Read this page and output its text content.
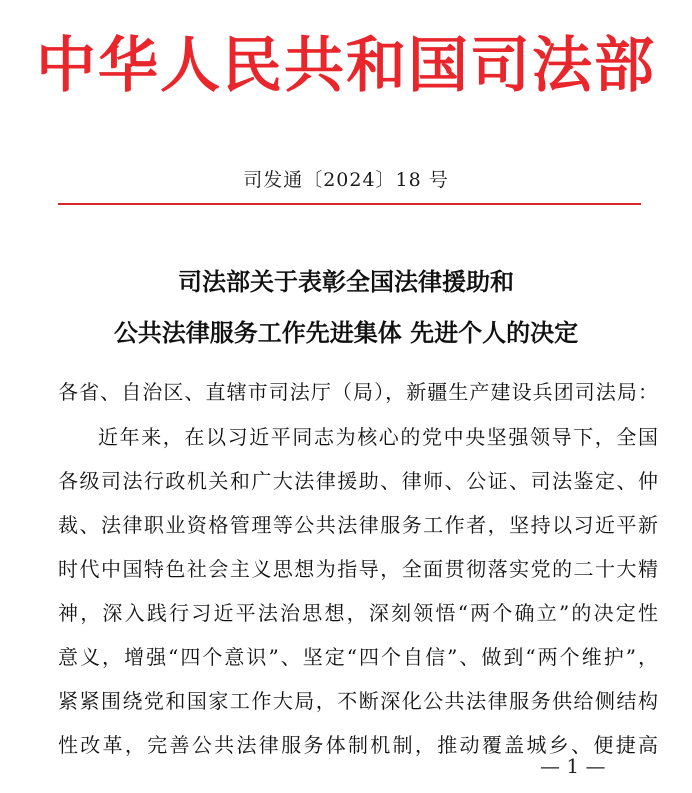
中华人民共和国司法部
司发通〔2024〕18 号
司法部关于表彰全国法律援助和
公共法律服务工作先进集体 先进个人的决定
各省、自治区、直辖市司法厅（局），新疆生产建设兵团司法局：
近年来，在以习近平同志为核心的党中央坚强领导下，全国
各级司法行政机关和广大法律援助、律师、公证、司法鉴定、仲
裁、法律职业资格管理等公共法律服务工作者，坚持以习近平新
时代中国特色社会主义思想为指导，全面贯彻落实党的二十大精
神，深入践行习近平法治思想，深刻领悟“两个确立”的决定性
意义，增强“四个意识”、坚定“四个自信”、做到“两个维护”，
紧紧围绕党和国家工作大局，不断深化公共法律服务供给侧结构
性改革，完善公共法律服务体制机制，推动覆盖城乡、便捷高
— 1 —
